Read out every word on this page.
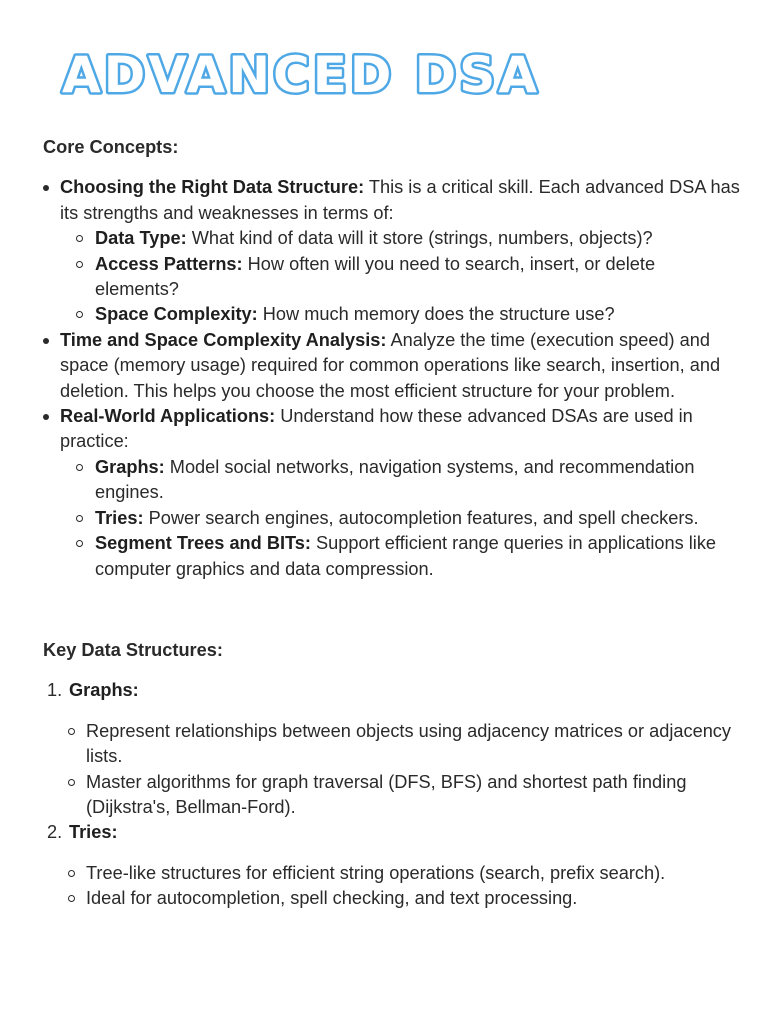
ADVANCED DSA

Core Concepts:

Choosing the Right Data Structure: This is a critical skill. Each advanced DSA has its strengths and weaknesses in terms of:
Data Type: What kind of data will it store (strings, numbers, objects)?
Access Patterns: How often will you need to search, insert, or delete elements?
Space Complexity: How much memory does the structure use?
Time and Space Complexity Analysis: Analyze the time (execution speed) and space (memory usage) required for common operations like search, insertion, and deletion. This helps you choose the most efficient structure for your problem.
Real-World Applications: Understand how these advanced DSAs are used in practice:
Graphs: Model social networks, navigation systems, and recommendation engines.
Tries: Power search engines, autocompletion features, and spell checkers.
Segment Trees and BITs: Support efficient range queries in applications like computer graphics and data compression.

Key Data Structures:

1. Graphs:
Represent relationships between objects using adjacency matrices or adjacency lists.
Master algorithms for graph traversal (DFS, BFS) and shortest path finding (Dijkstra's, Bellman-Ford).
2. Tries:
Tree-like structures for efficient string operations (search, prefix search).
Ideal for autocompletion, spell checking, and text processing.
